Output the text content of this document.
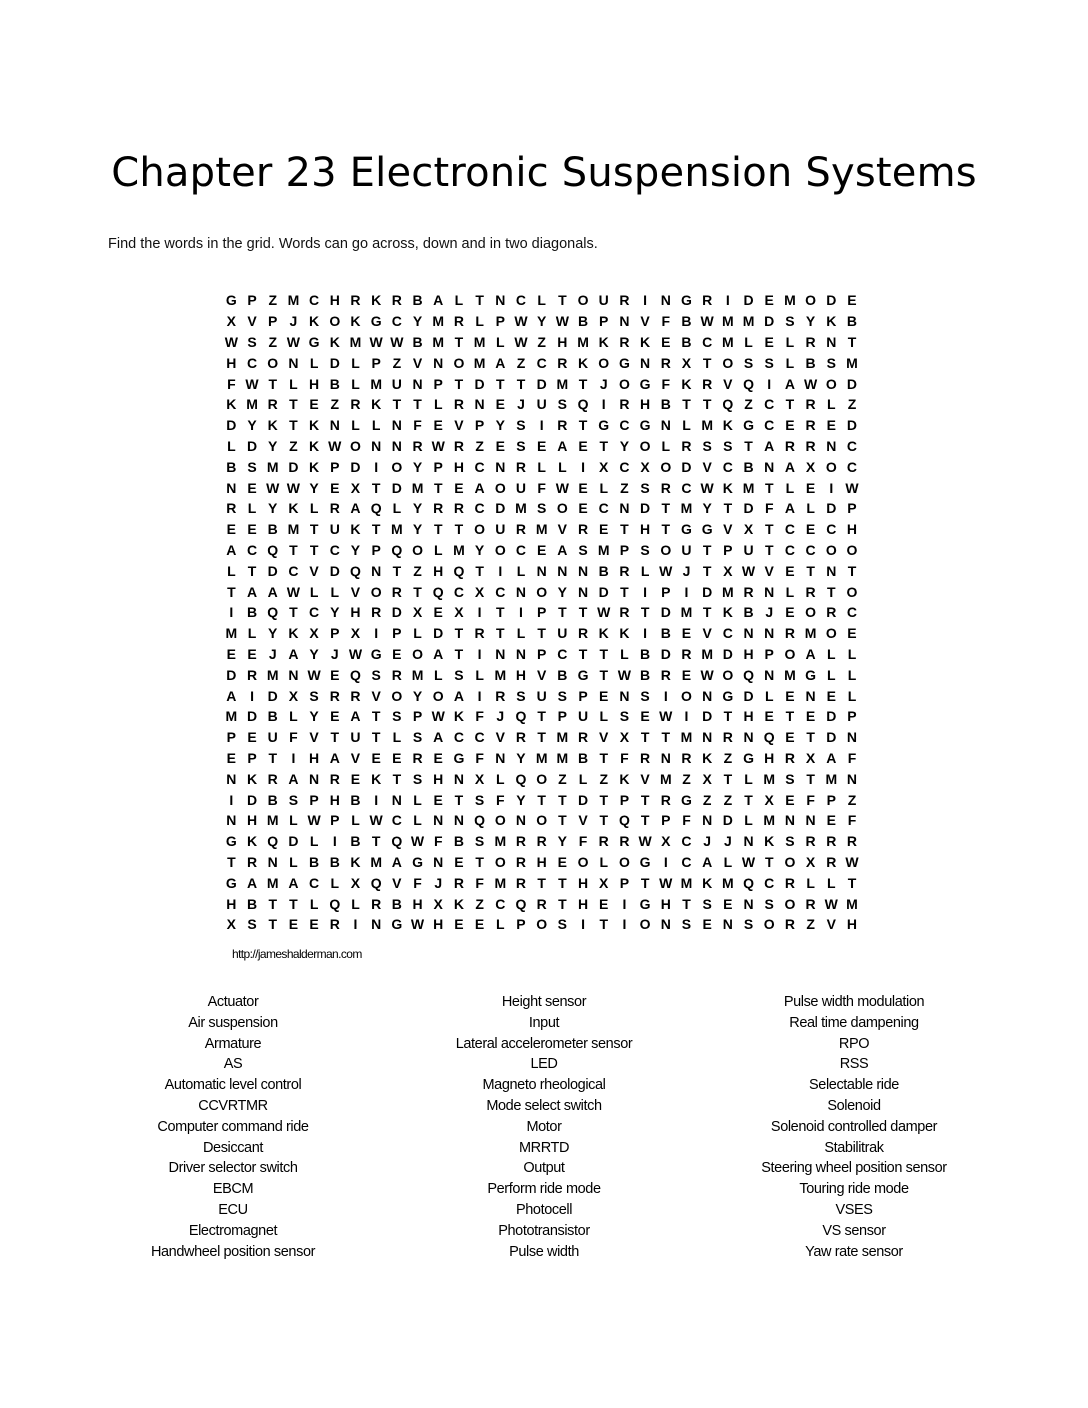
Chapter 23 Electronic Suspension Systems
Find the words in the grid. Words can go across, down and in two diagonals.
G P Z M C H R K R B A L T N C L T O U R I N G R I D E M O D E
X V P J K O K G C Y M R L P W Y W B P N V F B W M M D S Y K B
W S Z W G K M W W B M T M L W Z H M K R K E B C M L E L R N T
H C O N L D L P Z V N O M A Z C R K O G N R X T O S S L B S M
F W T L H B L M U N P T D T T D M T J O G F K R V Q I A W O D
K M R T E Z R K T T L R N E J U S Q I R H B T T Q Z C T R L Z
D Y K T K N L L N F E V P Y S	I R T G C G N L M K G C E R E D
L D Y Z K W O N N R W R Z E S E A E T Y O L R S S T A R R N C
B S M D K P D I O Y P H C N R L L	I	X C X O D V C B N A X O C
N E W W Y E X T D M T E A O U F W E L Z S R C W K M T L E	I W
R L Y K L R A Q L Y R R C D M S O E C N D T M Y T D F A L D P
E E B M T U K T M Y T T O U R M V R E T H T G G V X T C E C H
A C Q T T C Y P Q O L M Y O C E A S M P S O U T P U T C C O O
L T D C V D Q N T Z H Q T	I	L N N N B R L W J T X W V E T N T
T A A W L L V O R T Q C X C N O Y N D T	I	P	I D M R N L R T O
I B Q T C Y H R D X E X	I	T	I	P T T W R T D M T K B J E O R C
M L Y K X P X	I	P L D T R T L T U R K K I B E V C N N R M O E
E E J A Y J W G E O A T	I N N P C T T L B D R M D H P O A L L
D R M N W E Q S R M L S L M H V B G T W B R E W O Q N M G L L
A I D X S R R V O Y O A I R S U S P E N S	I O N G D L E N E L
M D B L Y E A T S P W K F J Q T P U L S E W I D T H E T E D P
P E U F V T U T L S A C C V R T M R V X T T M N R N Q E T D N
E P T	I H A V E E R E G F N Y M M B T F R N R K Z G H R X A F
N K R A N R E K T S H N X L Q O Z L Z K V M Z X T L M S T M N
I D B S P H B I N L E T S F Y T T D T P T R G Z Z T X E F P Z
N H M L W P L W C L N N Q O N O T V T Q T P F N D L M N N E F
G K Q D L	I B T Q W F B S M R R Y F R R W X C J J N K S R R R
T R N L B B K M A G N E T O R H E O L O G I C A L W T O X R W
G A M A C L X Q V F J R F M R T T H X P T W M K M Q C R L L T
H B T T L Q L R B H X K Z C Q R T H E	I G H T S E N S O R W M
X S T E E R I N G W H E E L P O S	I	T	I O N S E N S O R Z V H
http://jameshalderman.com
Actuator
Air suspension
Armature
AS
Automatic level control
CCVRTMR
Computer command ride
Desiccant
Driver selector switch
EBCM
ECU
Electromagnet
Handwheel position sensor
Height sensor
Input
Lateral accelerometer sensor
LED
Magneto rheological
Mode select switch
Motor
MRRTD
Output
Perform ride mode
Photocell
Phototransistor
Pulse width
Pulse width modulation
Real time dampening
RPO
RSS
Selectable ride
Solenoid
Solenoid controlled damper
Stabilitrak
Steering wheel position sensor
Touring ride mode
VSES
VS sensor
Yaw rate sensor
